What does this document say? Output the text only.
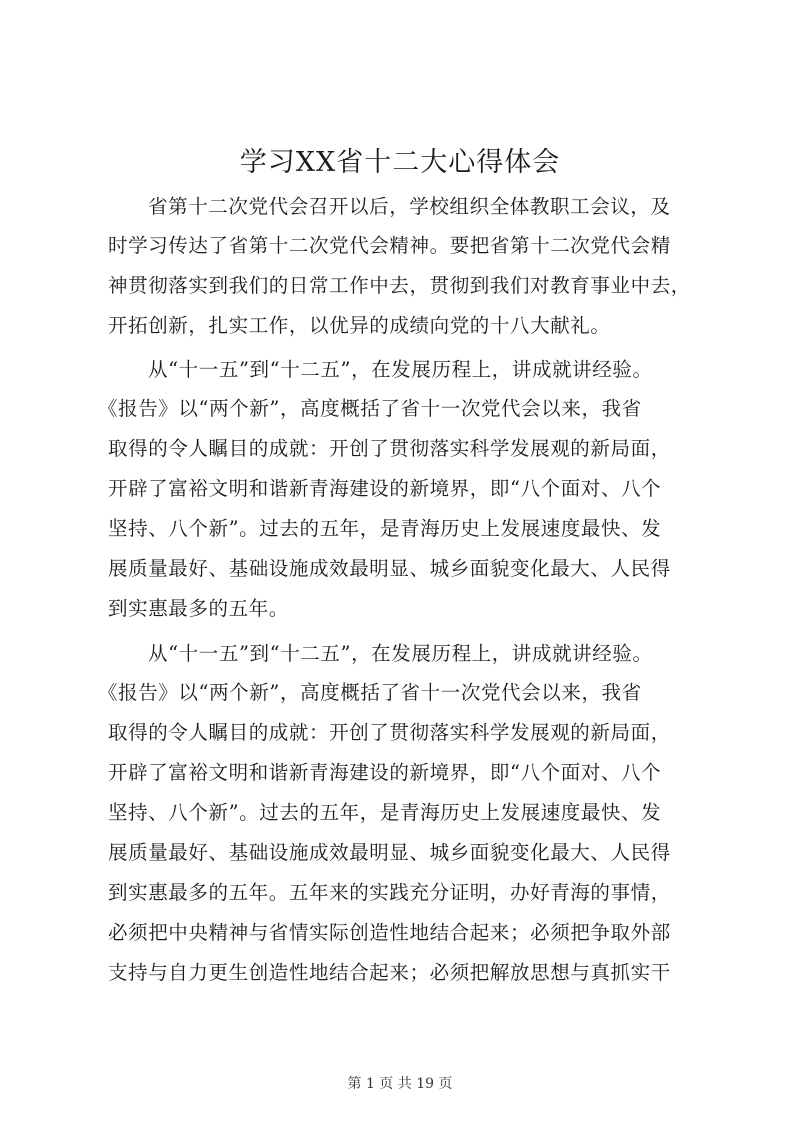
学习XX省十二大心得体会
省第十二次党代会召开以后，学校组织全体教职工会议，及
时学习传达了省第十二次党代会精神。要把省第十二次党代会精
神贯彻落实到我们的日常工作中去，贯彻到我们对教育事业中去，
开拓创新，扎实工作，以优异的成绩向党的十八大献礼。
从“十一五”到“十二五”，在发展历程上，讲成就讲经验。
《报告》以“两个新”，高度概括了省十一次党代会以来，我省
取得的令人瞩目的成就：开创了贯彻落实科学发展观的新局面，
开辟了富裕文明和谐新青海建设的新境界，即“八个面对、八个
坚持、八个新”。过去的五年，是青海历史上发展速度最快、发
展质量最好、基础设施成效最明显、城乡面貌变化最大、人民得
到实惠最多的五年。
从“十一五”到“十二五”，在发展历程上，讲成就讲经验。
《报告》以“两个新”，高度概括了省十一次党代会以来，我省
取得的令人瞩目的成就：开创了贯彻落实科学发展观的新局面，
开辟了富裕文明和谐新青海建设的新境界，即“八个面对、八个
坚持、八个新”。过去的五年，是青海历史上发展速度最快、发
展质量最好、基础设施成效最明显、城乡面貌变化最大、人民得
到实惠最多的五年。五年来的实践充分证明，办好青海的事情，
必须把中央精神与省情实际创造性地结合起来；必须把争取外部
支持与自力更生创造性地结合起来；必须把解放思想与真抓实干
第 1 页 共 19 页
